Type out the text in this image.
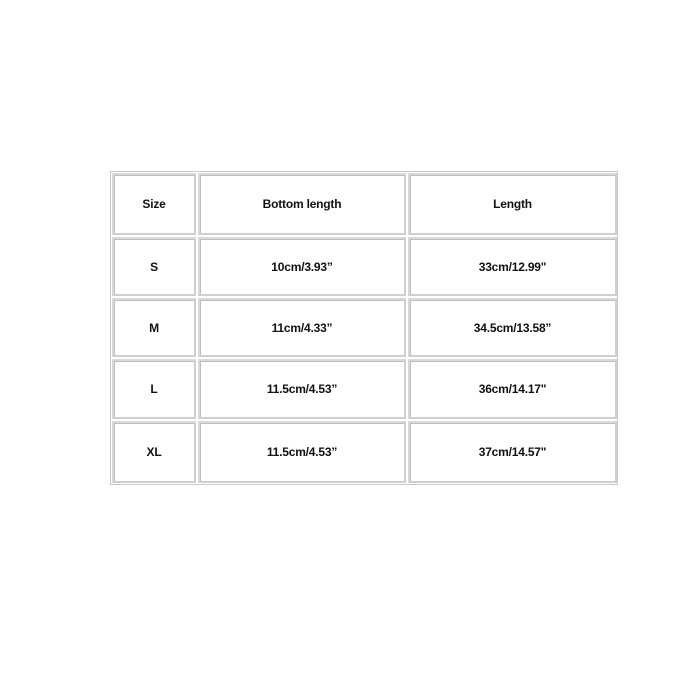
Size	Bottom length	Length
S	10cm/3.93”	33cm/12.99"
M	11cm/4.33”	34.5cm/13.58”
L	11.5cm/4.53”	36cm/14.17"
XL	11.5cm/4.53”	37cm/14.57"
